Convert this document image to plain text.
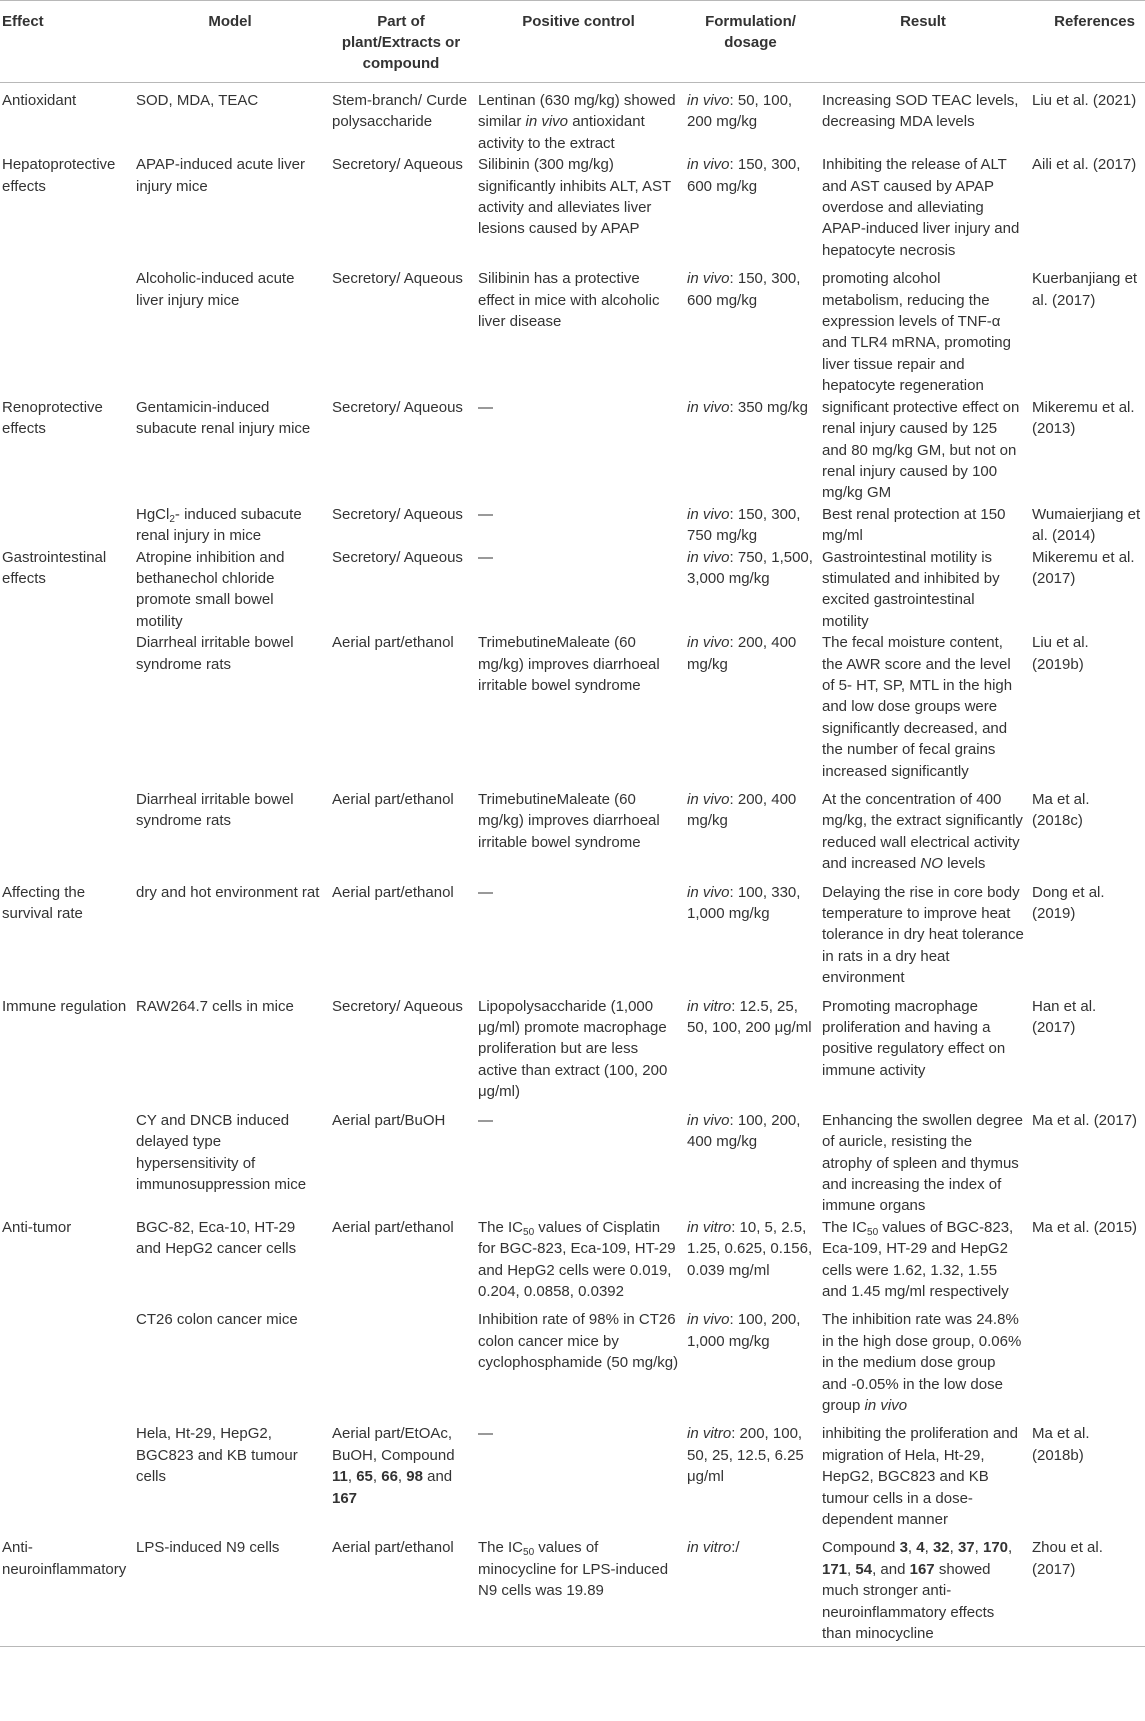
Effect	Model	Part of plant/Extracts or compound	Positive control	Formulation/ dosage	Result	References
Antioxidant	SOD, MDA, TEAC	Stem-branch/ Curde polysaccharide	Lentinan (630 mg/kg) showed similar in vivo antioxidant activity to the extract	in vivo: 50, 100, 200 mg/kg	Increasing SOD TEAC levels, decreasing MDA levels	Liu et al. (2021)
Hepatoprotective effects	APAP-induced acute liver injury mice	Secretory/ Aqueous	Silibinin (300 mg/kg) significantly inhibits ALT, AST activity and alleviates liver lesions caused by APAP	in vivo: 150, 300, 600 mg/kg	Inhibiting the release of ALT and AST caused by APAP overdose and alleviating APAP-induced liver injury and hepatocyte necrosis	Aili et al. (2017)
	Alcoholic-induced acute liver injury mice	Secretory/ Aqueous	Silibinin has a protective effect in mice with alcoholic liver disease	in vivo: 150, 300, 600 mg/kg	promoting alcohol metabolism, reducing the expression levels of TNF-α and TLR4 mRNA, promoting liver tissue repair and hepatocyte regeneration	Kuerbanjiang et al. (2017)
Renoprotective effects	Gentamicin-induced subacute renal injury mice	Secretory/ Aqueous	—	in vivo: 350 mg/kg	significant protective effect on renal injury caused by 125 and 80 mg/kg GM, but not on renal injury caused by 100 mg/kg GM	Mikeremu et al. (2013)
	HgCl$_2$- induced subacute renal injury in mice	Secretory/ Aqueous	—	in vivo: 150, 300, 750 mg/kg	Best renal protection at 150 mg/ml	Wumaierjiang et al. (2014)
Gastrointestinal effects	Atropine inhibition and bethanechol chloride promote small bowel motility	Secretory/ Aqueous	—	in vivo: 750, 1,500, 3,000 mg/kg	Gastrointestinal motility is stimulated and inhibited by excited gastrointestinal motility	Mikeremu et al. (2017)
	Diarrheal irritable bowel syndrome rats	Aerial part/ethanol	TrimebutineMaleate (60 mg/kg) improves diarrhoeal irritable bowel syndrome	in vivo: 200, 400 mg/kg	The fecal moisture content, the AWR score and the level of 5- HT, SP, MTL in the high and low dose groups were significantly decreased, and the number of fecal grains increased significantly	Liu et al. (2019b)
	Diarrheal irritable bowel syndrome rats	Aerial part/ethanol	TrimebutineMaleate (60 mg/kg) improves diarrhoeal irritable bowel syndrome	in vivo: 200, 400 mg/kg	At the concentration of 400 mg/kg, the extract significantly reduced wall electrical activity and increased NO levels	Ma et al. (2018c)
Affecting the survival rate	dry and hot environment rat	Aerial part/ethanol	—	in vivo: 100, 330, 1,000 mg/kg	Delaying the rise in core body temperature to improve heat tolerance in dry heat tolerance in rats in a dry heat environment	Dong et al. (2019)
Immune regulation	RAW264.7 cells in mice	Secretory/ Aqueous	Lipopolysaccharide (1,000 μg/ml) promote macrophage proliferation but are less active than extract (100, 200 μg/ml)	in vitro: 12.5, 25, 50, 100, 200 μg/ml	Promoting macrophage proliferation and having a positive regulatory effect on immune activity	Han et al. (2017)
	CY and DNCB induced delayed type hypersensitivity of immunosuppression mice	Aerial part/BuOH	—	in vivo: 100, 200, 400 mg/kg	Enhancing the swollen degree of auricle, resisting the atrophy of spleen and thymus and increasing the index of immune organs	Ma et al. (2017)
Anti-tumor	BGC-82, Eca-10, HT-29 and HepG2 cancer cells	Aerial part/ethanol	The $IC_{50}$ values of Cisplatin for BGC-823, Eca-109, HT-29 and HepG2 cells were 0.019, 0.204, 0.0858, 0.0392	in vitro: 10, 5, 2.5, 1.25, 0.625, 0.156, 0.039 mg/ml	The $IC_{50}$ values of BGC-823, Eca-109, HT-29 and HepG2 cells were 1.62, 1.32, 1.55 and 1.45 mg/ml respectively	Ma et al. (2015)
	CT26 colon cancer mice		Inhibition rate of 98% in CT26 colon cancer mice by cyclophosphamide (50 mg/kg)	in vivo: 100, 200, 1,000 mg/kg	The inhibition rate was 24.8% in the high dose group, 0.06% in the medium dose group and -0.05% in the low dose group in vivo	
	Hela, Ht-29, HepG2, BGC823 and KB tumour cells	Aerial part/EtOAc, BuOH, Compound 11, 65, 66, 98 and 167	—	in vitro: 200, 100, 50, 25, 12.5, 6.25 μg/ml	inhibiting the proliferation and migration of Hela, Ht-29, HepG2, BGC823 and KB tumour cells in a dose-dependent manner	Ma et al. (2018b)
Anti-neuroinflammatory	LPS-induced N9 cells	Aerial part/ethanol	The $IC_{50}$ values of minocycline for LPS-induced N9 cells was 19.89	in vitro:/	Compound 3, 4, 32, 37, 170, 171, 54, and 167 showed much stronger anti-neuroinflammatory effects than minocycline	Zhou et al. (2017)
